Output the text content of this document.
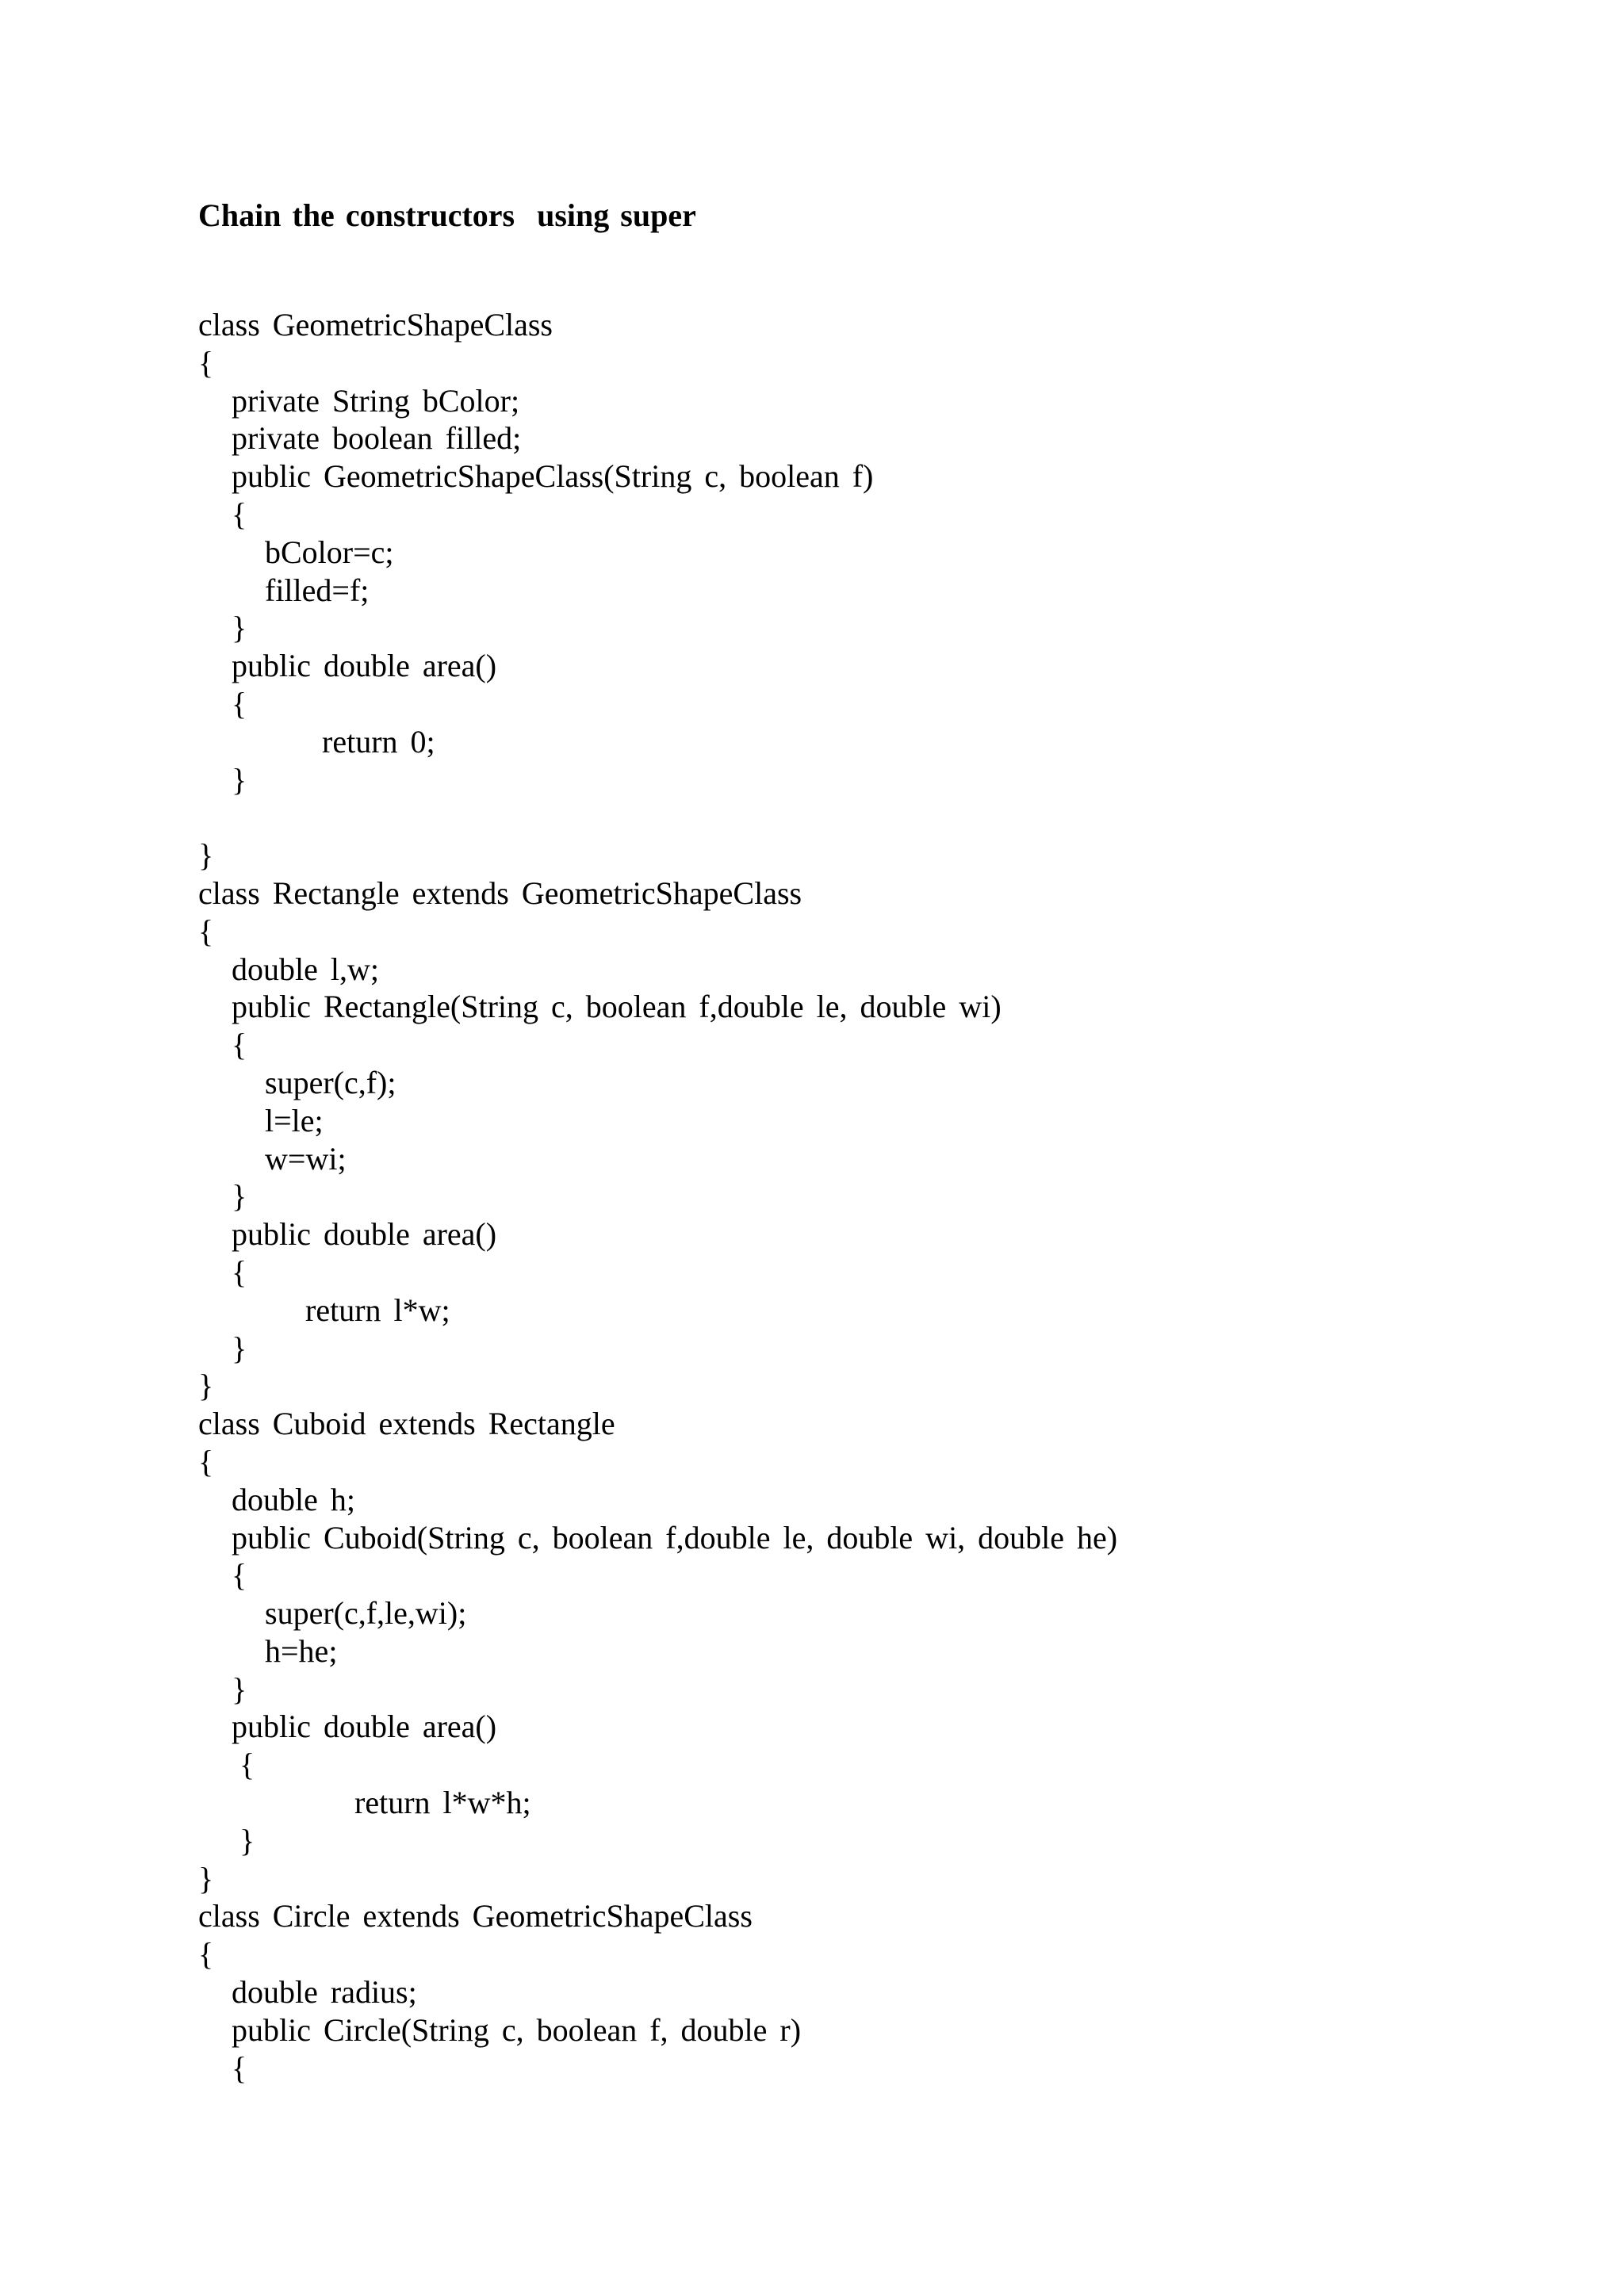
Chain the constructors  using super
class GeometricShapeClass
{
private String bColor;
private boolean filled;
public GeometricShapeClass(String c, boolean f)
{
bColor=c;
filled=f;
}
public double area()
{
return 0;
}
}
class Rectangle extends GeometricShapeClass
{
double l,w;
public Rectangle(String c, boolean f,double le, double wi)
{
super(c,f);
l=le;
w=wi;
}
public double area()
{
return l*w;
}
}
class Cuboid extends Rectangle
{
double h;
public Cuboid(String c, boolean f,double le, double wi, double he)
{
super(c,f,le,wi);
h=he;
}
public double area()
{
return l*w*h;
}
}
class Circle extends GeometricShapeClass
{
double radius;
public Circle(String c, boolean f, double r)
{
